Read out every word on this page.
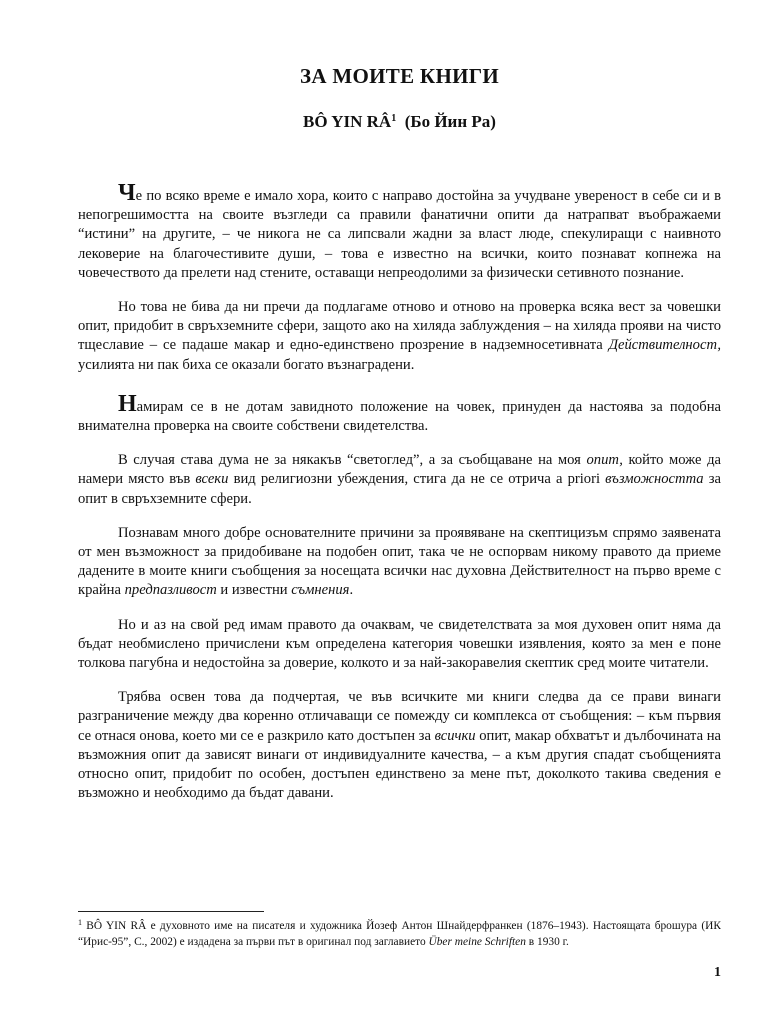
ЗА МОИТЕ КНИГИ
BÔ YIN $RÂ^1$ (Бо Йин Ра)

Че по всяко време е имало хора, които с направо достойна за учудване увереност в себе си и в непогрешимостта на своите възгледи са правили фанатични опити да натрапват въображаеми “истини” на другите, – че никога не са липсвали жадни за власт люде, спекулиращи с наивното лековерие на благочестивите души, – това е известно на всички, които познават копнежа на човечеството да прелети над стените, оставащи непреодолими за физически сетивното познание.

Но това не бива да ни пречи да подлагаме отново и отново на проверка всяка вест за човешки опит, придобит в свръхземните сфери, защото ако на хиляда заблуждения – на хиляда прояви на чисто тщеславие – се падаше макар и едно-единствено прозрение в надземносетивната Действителност, усилията ни пак биха се оказали богато възнаградени.

Намирам се в не дотам завидното положение на човек, принуден да настоява за подобна внимателна проверка на своите собствени свидетелства.

В случая става дума не за някакъв “светоглед”, а за съобщаване на моя опит, който може да намери място във всеки вид религиозни убеждения, стига да не се отрича a priori възможността за опит в свръхземните сфери.

Познавам много добре основателните причини за проявяване на скептицизъм спрямо заявената от мен възможност за придобиване на подобен опит, така че не оспорвам никому правото да приеме дадените в моите книги съобщения за носещата всички нас духовна Действителност на първо време с крайна предпазливост и известни съмнения.

Но и аз на свой ред имам правото да очаквам, че свидетелствата за моя духовен опит няма да бъдат необмислено причислени към определена категория човешки изявления, която за мен е поне толкова пагубна и недостойна за доверие, колкото и за най-закоравелия скептик сред моите читатели.

Трябва освен това да подчертая, че във всичките ми книги следва да се прави винаги разграничение между два коренно отличаващи се помежду си комплекса от съобщения: – към първия се отнася онова, което ми се е разкрило като достъпен за всички опит, макар обхватът и дълбочината на възможния опит да зависят винаги от индивидуалните качества, – а към другия спадат съобщенията относно опит, придобит по особен, достъпен единствено за мене път, доколкото такива сведения е възможно и необходимо да бъдат давани.

$^1$ BÔ YIN RÂ е духовното име на писателя и художника Йозеф Антон Шнайдерфранкен (1876–1943). Настоящата брошура (ИК “Ирис-95”, С., 2002) е издадена за първи път в оригинал под заглавието Über meine Schriften в 1930 г.
1
